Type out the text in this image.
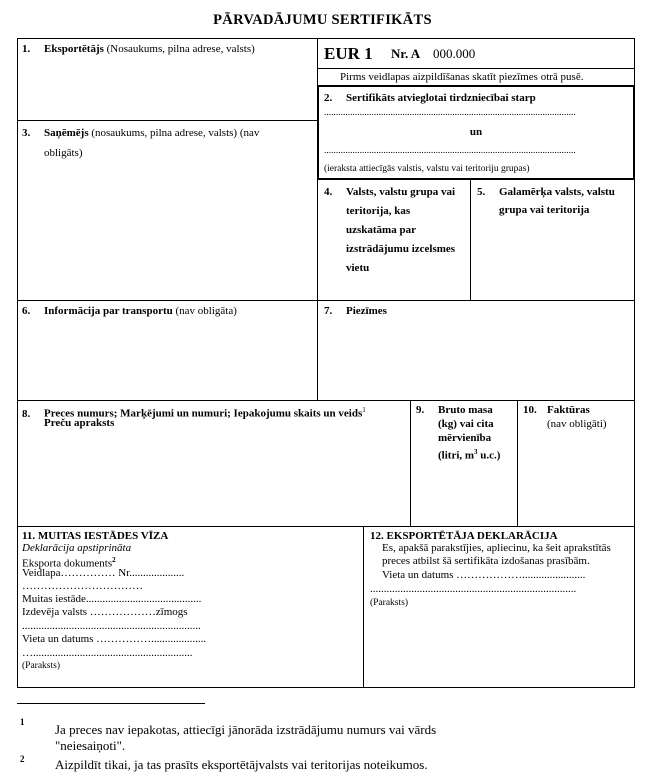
PĀRVADĀJUMU SERTIFIKĀTS
EUR 1 Nr. A 000.000
Pirms veidlapas aizpildīšanas skatīt piezīmes otrā pusē.
1. Eksportētājs (Nosaukums, pilna adrese, valsts)
2. Sertifikāts atvieglotai tirdzniecībai starp
..........................................................................................................
un
..........................................................................................................
(ieraksta attiecīgās valstis, valstu vai teritoriju grupas)
3. Saņēmējs (nosaukums, pilna adrese, valsts) (nav
obligāts)
4. Valsts, valstu grupa vai
teritorija, kas
uzskatāma par
izstrādājumu izcelsmes
vietu
5. Galamērķa valsts, valstu
grupa vai teritorija
6. Informācija par transportu (nav obligāta)	7. Piezīmes
8. Preces numurs; Marķējumi un numuri; Iepakojumu skaits un veids$^1$
Preču apraksts
9. Bruto masa
(kg) vai cita
mērvienība
(litri, $m^3$ u.c.)
10. Faktūras
(nav obligāti)
11. MUITAS IESTĀDES VĪZA
Deklarācija apstiprināta
Eksporta dokuments$^2$
Veidlapa…………… Nr....................
……………………………
Muitas iestāde..........................................
Izdevēja valsts ………………zīmogs
.................................................................
Vieta un datums ……………....................
…..........................................................
(Paraksts)
12. EKSPORTĒTĀJA DEKLARĀCIJA
Es, apakšā parakstījies, apliecinu, ka šeit aprakstītās
preces atbilst šā sertifikāta izdošanas prasībām.
Vieta un datums ……………….......................
...........................................................................
(Paraksts)
1 Ja preces nav iepakotas, attiecīgi jānorāda izstrādājumu numurs vai vārds
"neiesaiņoti".
2 Aizpildīt tikai, ja tas prasīts eksportētājvalsts vai teritorijas noteikumos.
